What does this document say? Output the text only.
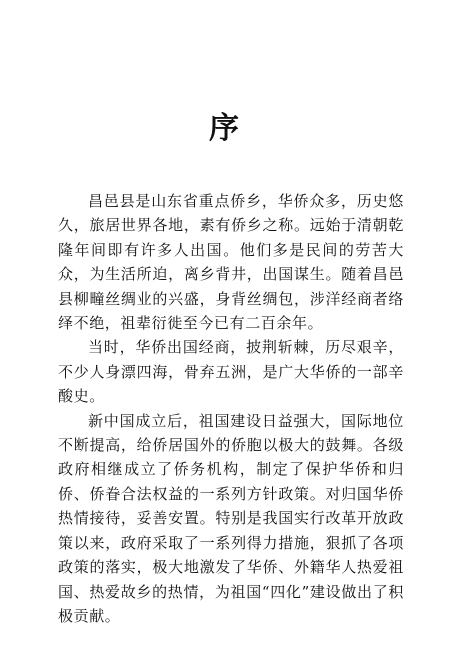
序

昌邑县是山东省重点侨乡，华侨众多，历史悠久，旅居世界各地，素有侨乡之称。远始于清朝乾隆年间即有许多人出国。他们多是民间的劳苦大众，为生活所迫，离乡背井，出国谋生。随着昌邑县柳疃丝绸业的兴盛，身背丝绸包，涉洋经商者络绎不绝，祖辈衍徙至今已有二百余年。

当时，华侨出国经商，披荆斩棘，历尽艰辛，不少人身漂四海，骨弃五洲，是广大华侨的一部辛酸史。

新中国成立后，祖国建设日益强大，国际地位不断提高，给侨居国外的侨胞以极大的鼓舞。各级政府相继成立了侨务机构，制定了保护华侨和归侨、侨眷合法权益的一系列方针政策。对归国华侨热情接待，妥善安置。特别是我国实行改革开放政策以来，政府采取了一系列得力措施，狠抓了各项政策的落实，极大地激发了华侨、外籍华人热爱祖国、热爱故乡的热情，为祖国“四化”建设做出了积极贡献。
